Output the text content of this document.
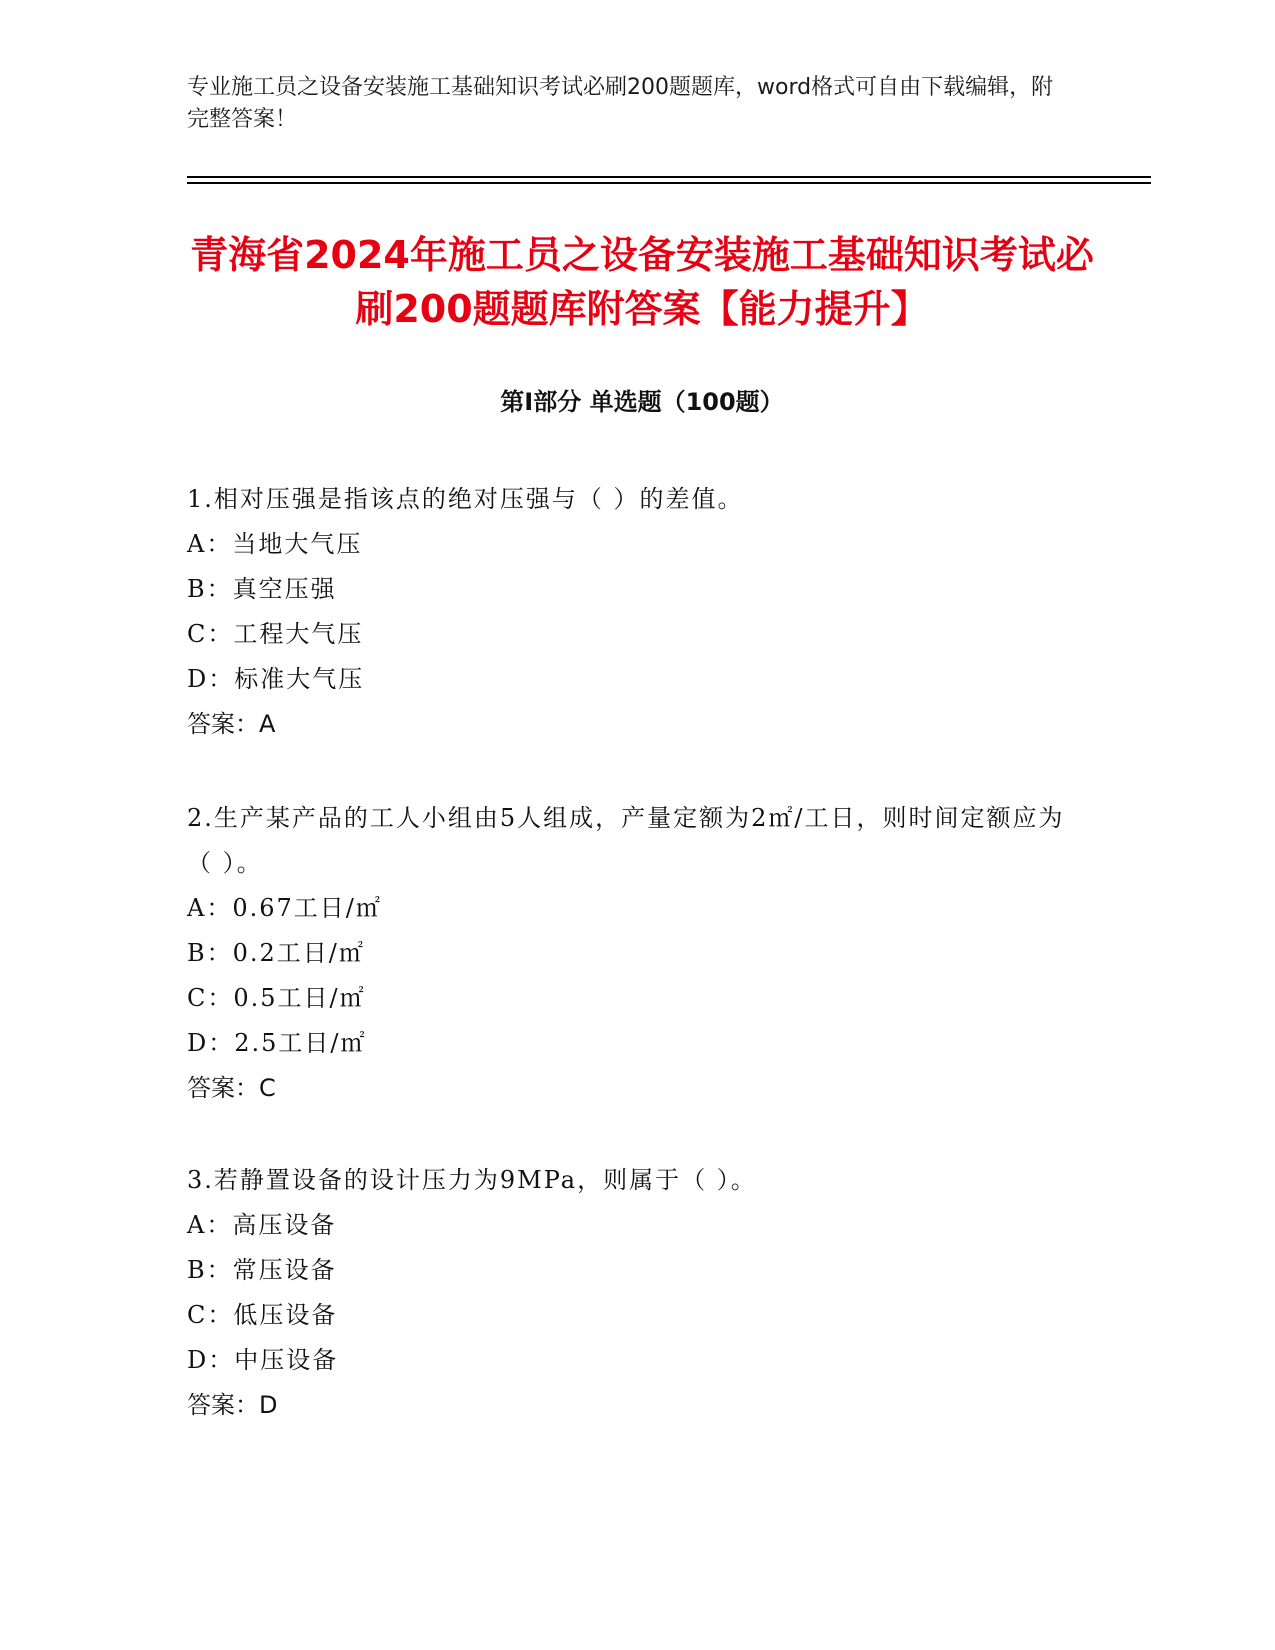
专业施工员之设备安装施工基础知识考试必刷200题题库，word格式可自由下载编辑，附完整答案！
青海省2024年施工员之设备安装施工基础知识考试必刷200题题库附答案【能力提升】
第Ⅰ部分 单选题（100题）
1.相对压强是指该点的绝对压强与（ ）的差值。
A：当地大气压
B：真空压强
C：工程大气压
D：标准大气压
答案：A
2.生产某产品的工人小组由5人组成，产量定额为2㎡/工日，则时间定额应为（ ）。
A：0.67工日/㎡
B：0.2工日/㎡
C：0.5工日/㎡
D：2.5工日/㎡
答案：C
3.若静置设备的设计压力为9MPa，则属于（ ）。
A：高压设备
B：常压设备
C：低压设备
D：中压设备
答案：D
